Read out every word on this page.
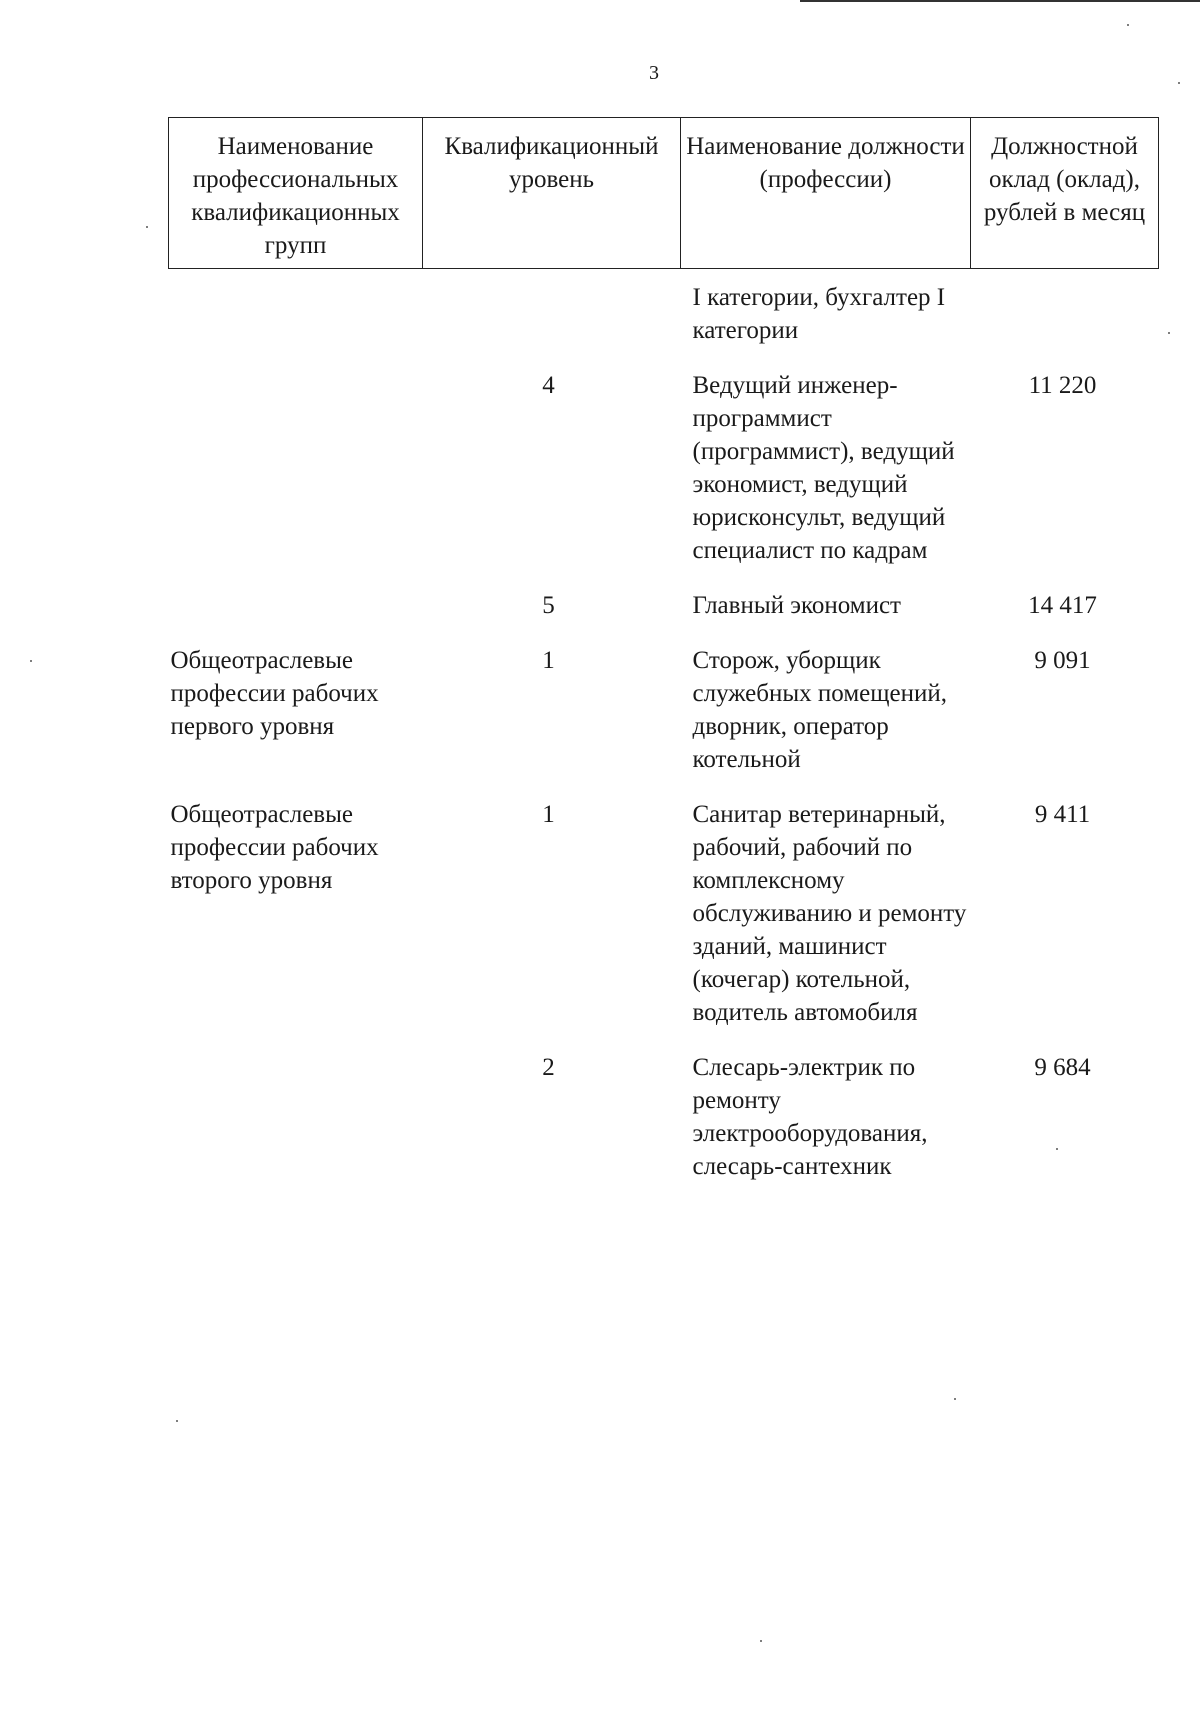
3
Наименование профессиональных квалификационных групп	Квалификационный уровень	Наименование должности (профессии)	Должностной оклад (оклад), рублей в месяц
		I категории, бухгалтер I категории	
	4	Ведущий инженер-программист (программист), ведущий экономист, ведущий юрисконсульт, ведущий специалист по кадрам	11 220
	5	Главный экономист	14 417
Общеотраслевые профессии рабочих первого уровня	1	Сторож, уборщик служебных помещений, дворник, оператор котельной	9 091
Общеотраслевые профессии рабочих второго уровня	1	Санитар ветеринарный, рабочий, рабочий по комплексному обслуживанию и ремонту зданий, машинист (кочегар) котельной, водитель автомобиля	9 411
	2	Слесарь-электрик по ремонту электрооборудования, слесарь-сантехник	9 684
